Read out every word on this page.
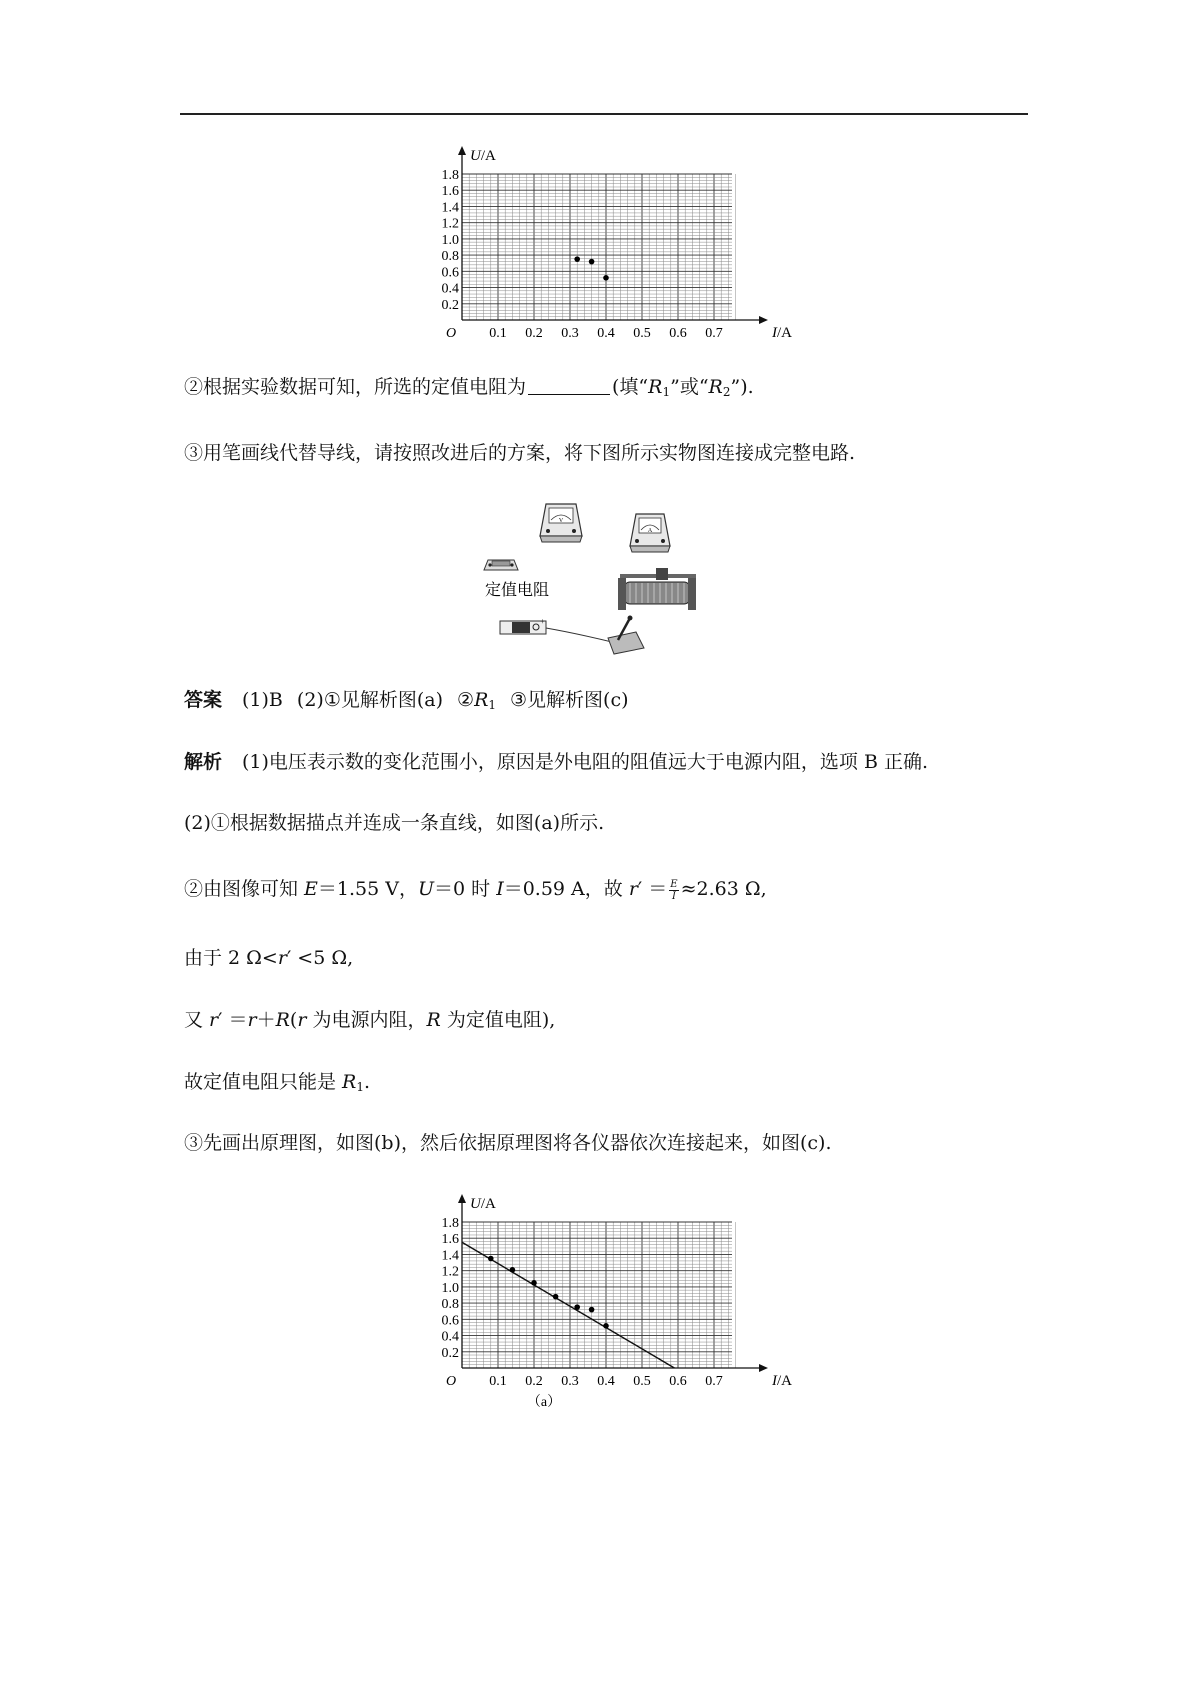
0.1 0.2 0.3 0.4 0.5 0.6 0.7
0.2
0.4
0.6
0.8
1.0
1.2
1.4
1.6
1.8
O	I/A
U/A
②根据实验数据可知，所选的定值电阻为	(填“$R_1$”或“$R_2$”).
③用笔画线代替导线，请按照改进后的方案，将下图所示实物图连接成完整电路.
V
A
定值电阻
+
答案 (1)B (2)①见解析图(a) $②R_1$ ③见解析图(c)
解析 (1)电压表示数的变化范围小，原因是外电阻的阻值远大于电源内阻，选项 B 正确.
(2)①根据数据描点并连成一条直线，如图(a)所示.
②由图像可知 E＝1.55 V，U＝0 时 I＝0.59 A，故 $r' = \frac{E}{I} \approx 2.63$ Ω,
由于 2 Ω<r′ <5 Ω,
又 r′ ＝r＋R(r 为电源内阻，R 为定值电阻),
故定值电阻只能是 $R_1$.
③先画出原理图，如图(b)，然后依据原理图将各仪器依次连接起来，如图(c).
0.1 0.2 0.3 0.4 0.5 0.6 0.7
0.2
0.4
0.6
0.8
1.0
1.2
1.4
1.6
1.8
O	I/A
U/A
（a）
